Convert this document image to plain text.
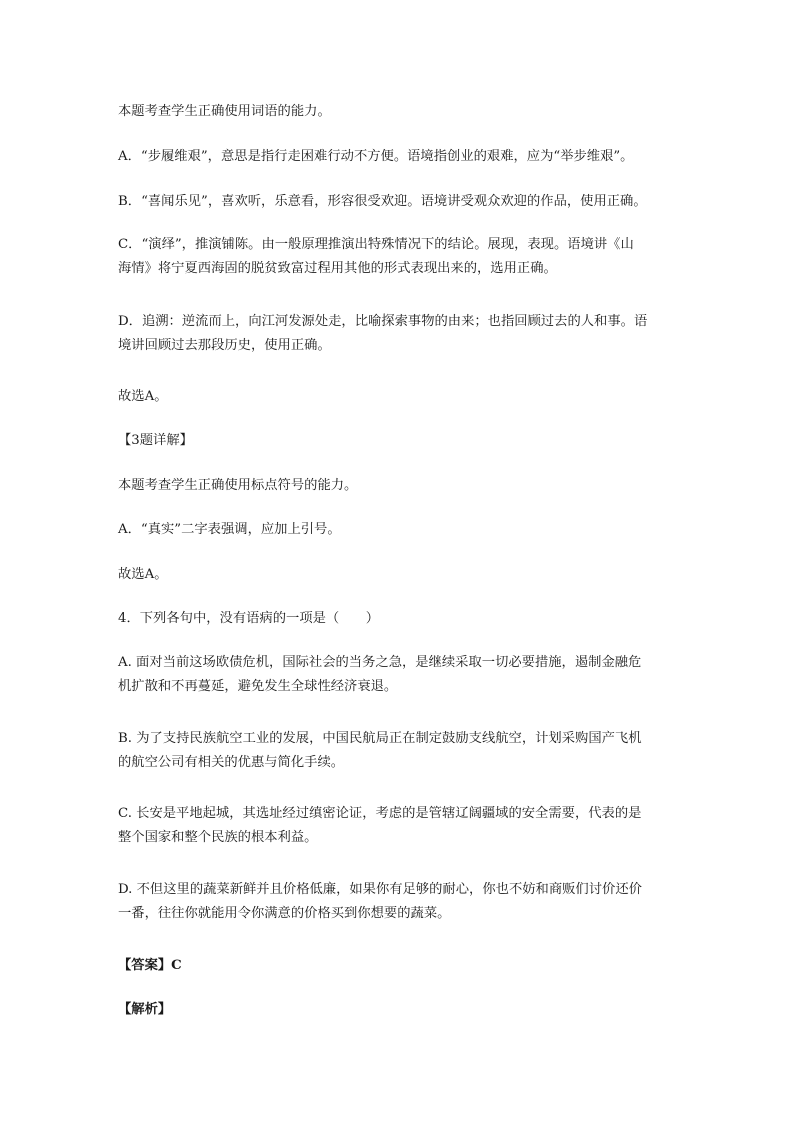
本题考查学生正确使用词语的能力。

A．“步履维艰”，意思是指行走困难行动不方便。语境指创业的艰难，应为“举步维艰”。

B．“喜闻乐见”，喜欢听，乐意看，形容很受欢迎。语境讲受观众欢迎的作品，使用正确。

C．“演绎”，推演铺陈。由一般原理推演出特殊情况下的结论。展现，表现。语境讲《山
海情》将宁夏西海固的脱贫致富过程用其他的形式表现出来的，选用正确。

D．追溯：逆流而上，向江河发源处走，比喻探索事物的由来；也指回顾过去的人和事。语
境讲回顾过去那段历史，使用正确。

故选A。

【3题详解】

本题考查学生正确使用标点符号的能力。

A．“真实”二字表强调，应加上引号。

故选A。

4．下列各句中，没有语病的一项是（　　）

A. 面对当前这场欧债危机，国际社会的当务之急，是继续采取一切必要措施，遏制金融危
机扩散和不再蔓延，避免发生全球性经济衰退。

B. 为了支持民族航空工业的发展，中国民航局正在制定鼓励支线航空，计划采购国产飞机
的航空公司有相关的优惠与简化手续。

C. 长安是平地起城，其选址经过缜密论证，考虑的是管辖辽阔疆域的安全需要，代表的是
整个国家和整个民族的根本利益。

D. 不但这里的蔬菜新鲜并且价格低廉，如果你有足够的耐心，你也不妨和商贩们讨价还价
一番，往往你就能用令你满意的价格买到你想要的蔬菜。

【答案】C

【解析】
